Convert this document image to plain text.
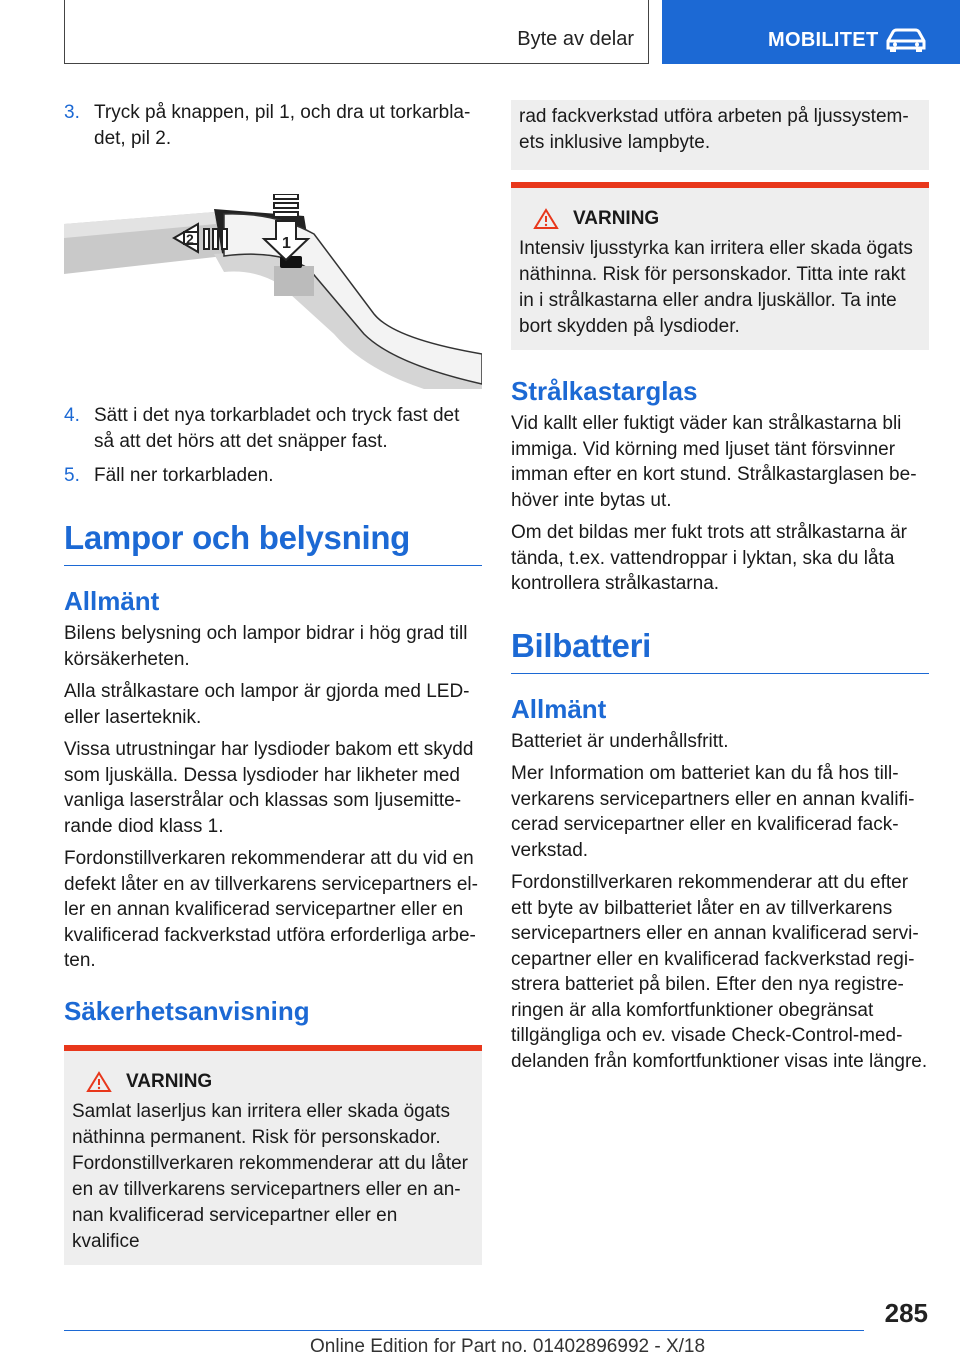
Byte av delar	MOBILITET
3. Tryck på knappen, pil 1, och dra ut torkarbladet, pil 2.
1
2
4. Sätt i det nya torkarbladet och tryck fast det så att det hörs att det snäpper fast.
5. Fäll ner torkarbladen.
Lampor och belysning
Allmänt

Bilens belysning och lampor bidrar i hög grad till körsäkerheten.

Alla strålkastare och lampor är gjorda med LED- eller laserteknik.

Vissa utrustningar har lysdioder bakom ett skydd som ljuskälla. Dessa lysdioder har likheter med vanliga laserstrålar och klassas som ljusemitterande diod klass 1.

Fordonstillverkaren rekommenderar att du vid en defekt låter en av tillverkarens servicepartners eller en annan kvalificerad servicepartner eller en kvalificerad fackverkstad utföra erforderliga arbeten.

Säkerhetsanvisning
VARNING
Samlat laserljus kan irritera eller skada ögats näthinna permanent. Risk för personskador. Fordonstillverkaren rekommenderar att du låter en av tillverkarens servicepartners eller en annan kvalificerad servicepartner eller en kvalifice
rad fackverkstad utföra arbeten på ljussystemets inklusive lampbyte.
VARNING
Intensiv ljusstyrka kan irritera eller skada ögats näthinna. Risk för personskador. Titta inte rakt in i strålkastarna eller andra ljuskällor. Ta inte bort skydden på lysdioder.
Strålkastarglas

Vid kallt eller fuktigt väder kan strålkastarna bli immiga. Vid körning med ljuset tänt försvinner imman efter en kort stund. Strålkastarglasen behöver inte bytas ut.

Om det bildas mer fukt trots att strålkastarna är tända, t.ex. vattendroppar i lyktan, ska du låta kontrollera strålkastarna.

Bilbatteri
Allmänt

Batteriet är underhållsfritt.

Mer Information om batteriet kan du få hos tillverkarens servicepartners eller en annan kvalificerad servicepartner eller en kvalificerad fackverkstad.

Fordonstillverkaren rekommenderar att du efter ett byte av bilbatteriet låter en av tillverkarens servicepartners eller en annan kvalificerad servicepartner eller en kvalificerad fackverkstad registrera batteriet på bilen. Efter den nya registreringen är alla komfortfunktioner obegränsat tillgängliga och ev. visade Check-Control-meddelanden från komfortfunktioner visas inte längre.

285
Online Edition for Part no. 01402896992 - X/18
